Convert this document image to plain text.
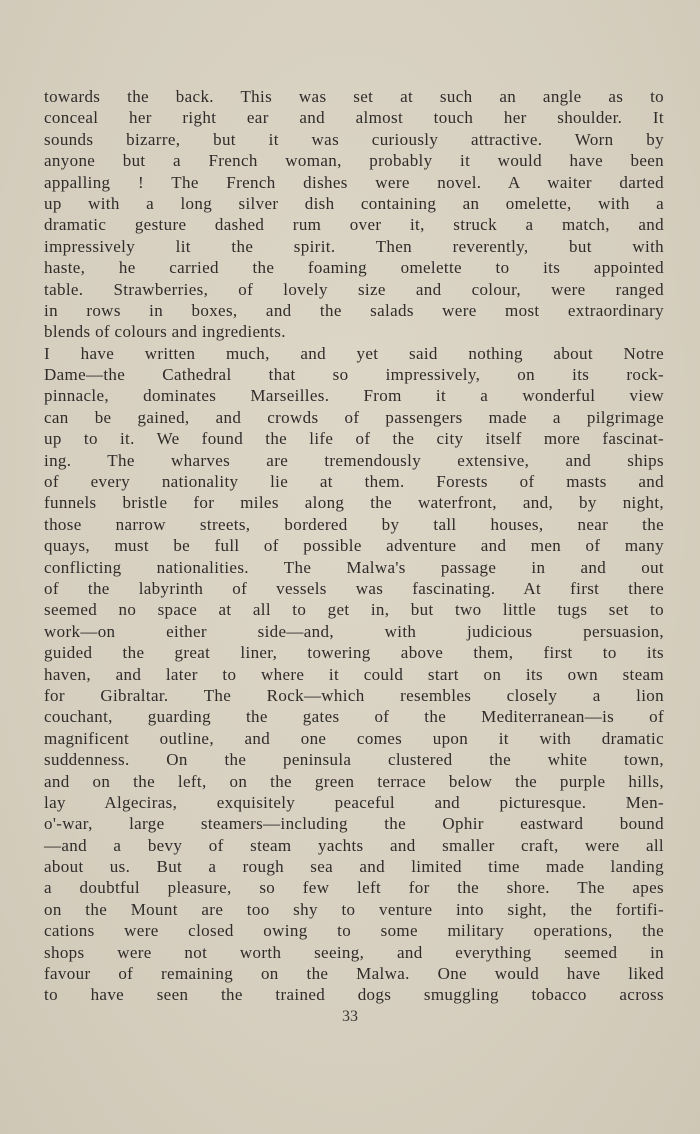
towards the back. This was set at such an angle as to
conceal her right ear and almost touch her shoulder. It
sounds bizarre, but it was curiously attractive. Worn by
anyone but a French woman, probably it would have been
appalling ! The French dishes were novel. A waiter darted
up with a long silver dish containing an omelette, with a
dramatic gesture dashed rum over it, struck a match, and
impressively lit the spirit. Then reverently, but with
haste, he carried the foaming omelette to its appointed
table. Strawberries, of lovely size and colour, were ranged
in rows in boxes, and the salads were most extraordinary
blends of colours and ingredients.
I have written much, and yet said nothing about Notre
Dame—the Cathedral that so impressively, on its rock-
pinnacle, dominates Marseilles. From it a wonderful view
can be gained, and crowds of passengers made a pilgrimage
up to it. We found the life of the city itself more fascinat-
ing. The wharves are tremendously extensive, and ships
of every nationality lie at them. Forests of masts and
funnels bristle for miles along the waterfront, and, by night,
those narrow streets, bordered by tall houses, near the
quays, must be full of possible adventure and men of many
conflicting nationalities. The Malwa's passage in and out
of the labyrinth of vessels was fascinating. At first there
seemed no space at all to get in, but two little tugs set to
work—on either side—and, with judicious persuasion,
guided the great liner, towering above them, first to its
haven, and later to where it could start on its own steam
for Gibraltar. The Rock—which resembles closely a lion
couchant, guarding the gates of the Mediterranean—is of
magnificent outline, and one comes upon it with dramatic
suddenness. On the peninsula clustered the white town,
and on the left, on the green terrace below the purple hills,
lay Algeciras, exquisitely peaceful and picturesque. Men-
o'-war, large steamers—including the Ophir eastward bound
—and a bevy of steam yachts and smaller craft, were all
about us. But a rough sea and limited time made landing
a doubtful pleasure, so few left for the shore. The apes
on the Mount are too shy to venture into sight, the fortifi-
cations were closed owing to some military operations, the
shops were not worth seeing, and everything seemed in
favour of remaining on the Malwa. One would have liked
to have seen the trained dogs smuggling tobacco across
33
